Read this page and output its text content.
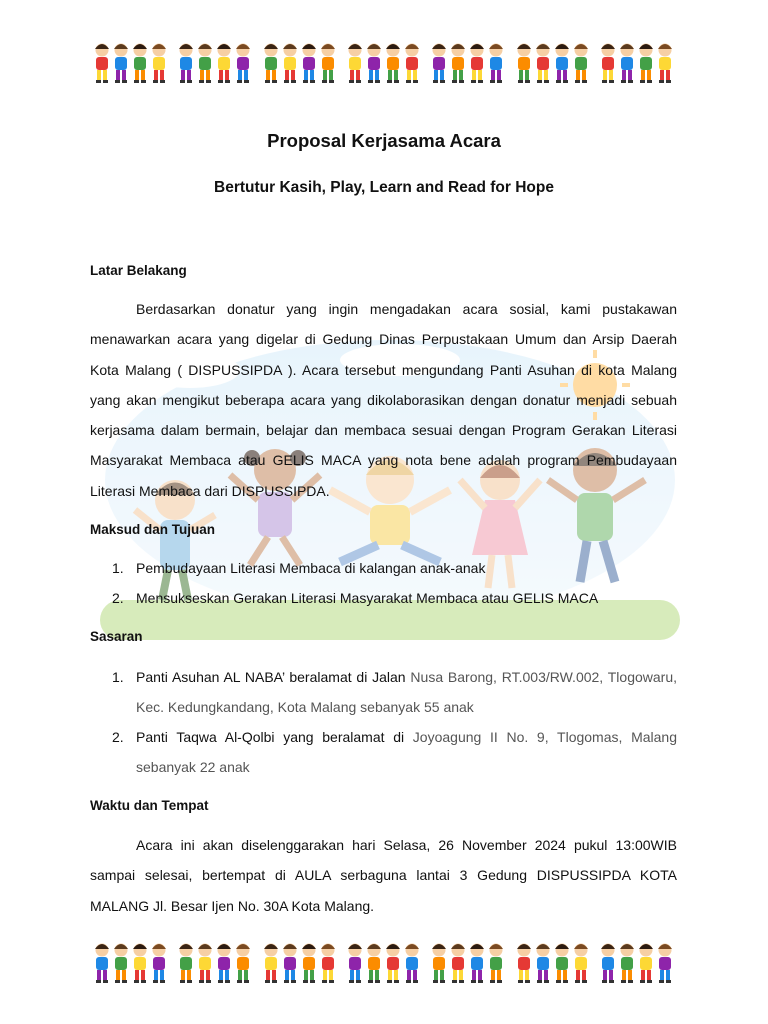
Proposal Kerjasama Acara
Bertutur Kasih, Play, Learn and Read for Hope
Latar Belakang

Berdasarkan donatur yang ingin mengadakan acara sosial, kami pustakawan menawarkan acara yang digelar di Gedung Dinas Perpustakaan Umum dan Arsip Daerah Kota Malang ( DISPUSSIPDA ). Acara tersebut mengundang Panti Asuhan di kota Malang yang akan mengikut beberapa acara yang dikolaborasikan dengan donatur menjadi sebuah kerjasama dalam bermain, belajar dan membaca sesuai dengan Program Gerakan Literasi Masyarakat Membaca atau GELIS MACA yang nota bene adalah program Pembudayaan Literasi Membaca dari DISPUSSIPDA.

Maksud dan Tujuan
1. Pembudayaan Literasi Membaca di kalangan anak-anak
2. Mensukseskan Gerakan Literasi Masyarakat Membaca atau GELIS MACA
Sasaran
1. Panti Asuhan AL NABA’ beralamat di Jalan Nusa Barong, RT.003/RW.002, Tlogowaru, Kec. Kedungkandang, Kota Malang sebanyak 55 anak
2. Panti Taqwa Al-Qolbi yang beralamat di Joyoagung II No. 9, Tlogomas, Malang sebanyak 22 anak
Waktu dan Tempat

Acara ini akan diselenggarakan hari Selasa, 26 November 2024 pukul 13:00WIB sampai selesai, bertempat di AULA serbaguna lantai 3 Gedung DISPUSSIPDA KOTA MALANG Jl. Besar Ijen No. 30A Kota Malang.
